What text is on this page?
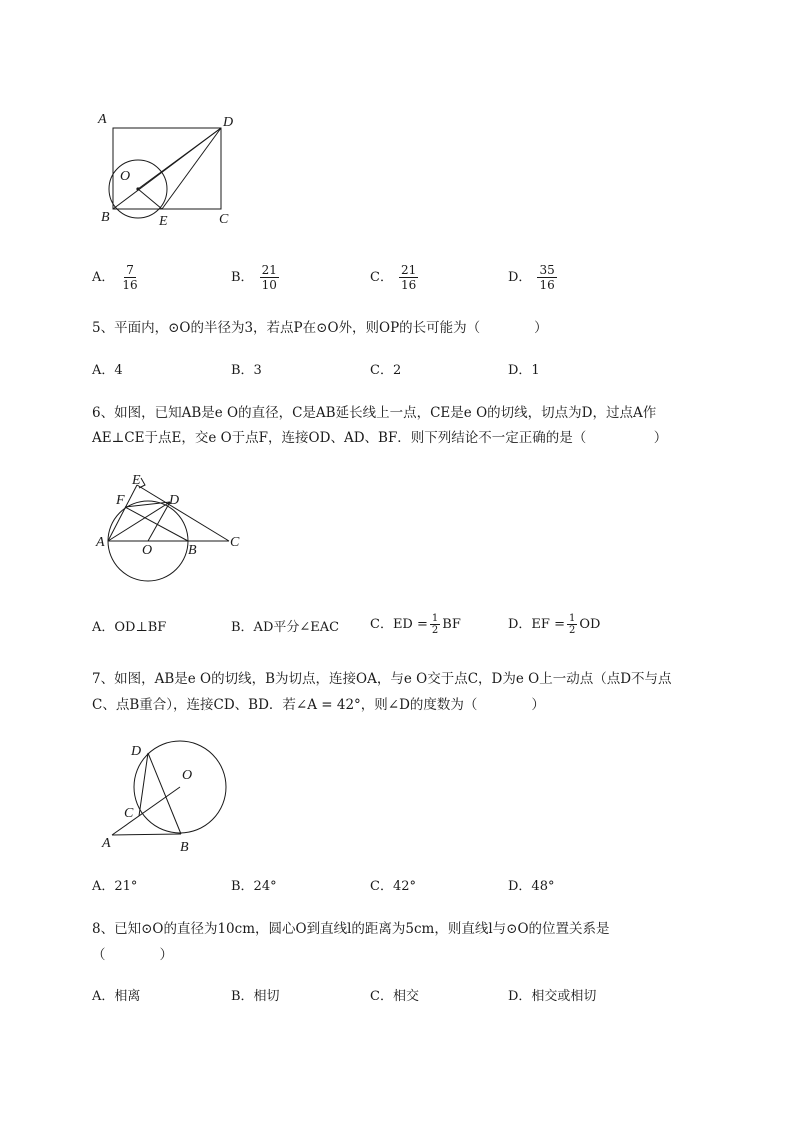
A	D
O
B	E	C
A． $\frac{7}{16}$	B． $\frac{21}{10}$	C． $\frac{21}{16}$	D． $\frac{35}{16}$
5、平面内，⊙O的半径为3，若点P在⊙O外，则OP的长可能为（　　　　）
A．4	B．3	C．2	D．1
6、如图，已知AB是e O的直径，C是AB延长线上一点，CE是e O的切线，切点为D，过点A作
AE⊥CE于点E，交e O于点F，连接OD、AD、BF．则下列结论不一定正确的是（　　　　　）
E
F	D
A
O	B
C
A．OD⊥BF	B．AD平分∠EAC C．ED = $\frac{1}{2}$ BF	D．EF = $\frac{1}{2}$ OD
7、如图，AB是e O的切线，B为切点，连接OA，与e O交于点C，D为e O上一动点（点D不与点
C、点B重合），连接CD、BD．若∠A = 42°，则∠D的度数为（　　　　）
D
O
C
A	B
A．21°	B．24°	C．42°	D．48°
8、已知⊙O的直径为10cm，圆心O到直线l的距离为5cm，则直线l与⊙O的位置关系是
（　　　　）
A．相离	B．相切	C．相交	D．相交或相切
